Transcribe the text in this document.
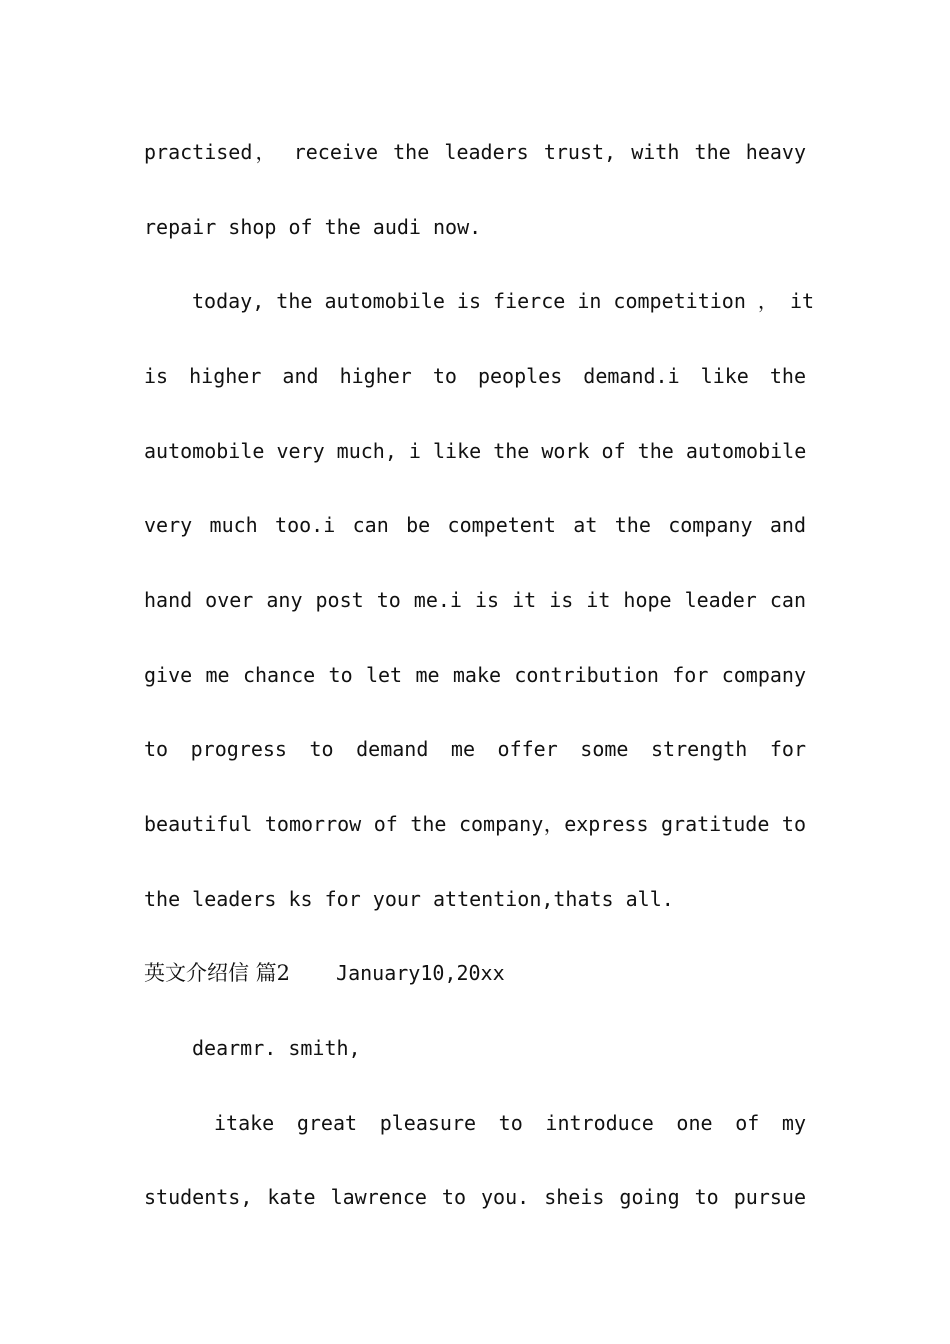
practised， receive the leaders trust, with the heavy
repair shop of the audi now.
today, the automobile is fierce in competition ， it
is higher and higher to peoples demand.i like the
automobile very much, i like the work of the automobile
very much too.i can be competent at the company and
hand over any post to me.i is it is it hope leader can
give me chance to let me make contribution for company
to progress to demand me offer some strength for
beautiful tomorrow of the company，express gratitude to
the leaders ks for your attention,thats all.
英文介绍信 篇2 January10,20xx
dearmr. smith,
itake great pleasure to introduce one of my
students, kate lawrence to you. sheis going to pursue
